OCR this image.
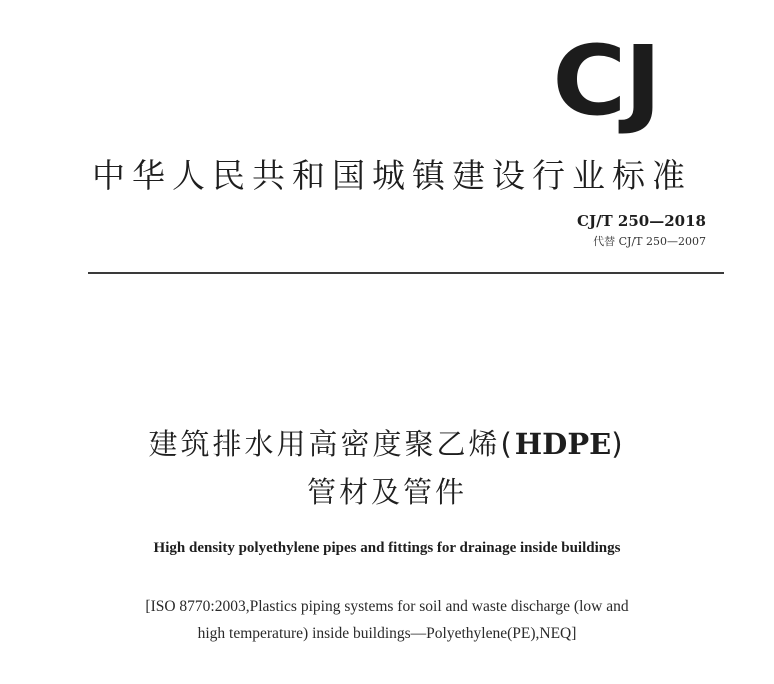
CJ
中华人民共和国城镇建设行业标准
CJ/T 250—2018
代替 CJ/T 250—2007
建筑排水用高密度聚乙烯(HDPE)
管材及管件
High density polyethylene pipes and fittings for drainage inside buildings
[ISO 8770:2003,Plastics piping systems for soil and waste discharge (low and
high temperature) inside buildings—Polyethylene(PE),NEQ]
